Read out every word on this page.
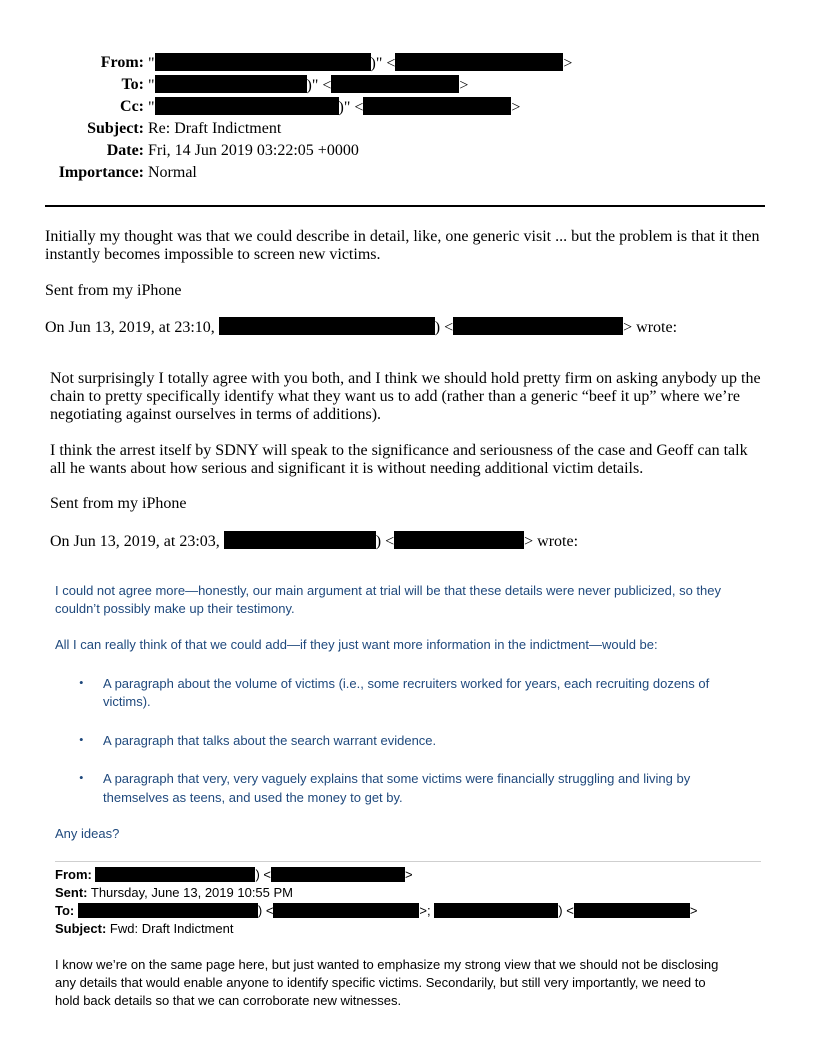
From: "	)" <	>
To: "	)" <	>
Cc: "	)" <	>
Subject: Re: Draft Indictment
Date: Fri, 14 Jun 2019 03:22:05 +0000
Importance: Normal
Initially my thought was that we could describe in detail, like, one generic visit ... but the problem is that it then
instantly becomes impossible to screen new victims.
Sent from my iPhone
On Jun 13, 2019, at 23:10,	) <	> wrote:
Not surprisingly I totally agree with you both, and I think we should hold pretty firm on asking anybody up the
chain to pretty specifically identify what they want us to add (rather than a generic “beef it up” where we’re
negotiating against ourselves in terms of additions).
I think the arrest itself by SDNY will speak to the significance and seriousness of the case and Geoff can talk
all he wants about how serious and significant it is without needing additional victim details.
Sent from my iPhone
On Jun 13, 2019, at 23:03,	) <	> wrote:
I could not agree more—honestly, our main argument at trial will be that these details were never publicized, so they
couldn’t possibly make up their testimony.
All I can really think of that we could add—if they just want more information in the indictment—would be:
• A paragraph about the volume of victims (i.e., some recruiters worked for years, each recruiting dozens of
victims).
• A paragraph that talks about the search warrant evidence.
• A paragraph that very, very vaguely explains that some victims were financially struggling and living by
themselves as teens, and used the money to get by.
Any ideas?
From:	) <	>
Sent: Thursday, June 13, 2019 10:55 PM
To:	) <	>;	) <	>
Subject: Fwd: Draft Indictment
I know we’re on the same page here, but just wanted to emphasize my strong view that we should not be disclosing
any details that would enable anyone to identify specific victims. Secondarily, but still very importantly, we need to
hold back details so that we can corroborate new witnesses.
